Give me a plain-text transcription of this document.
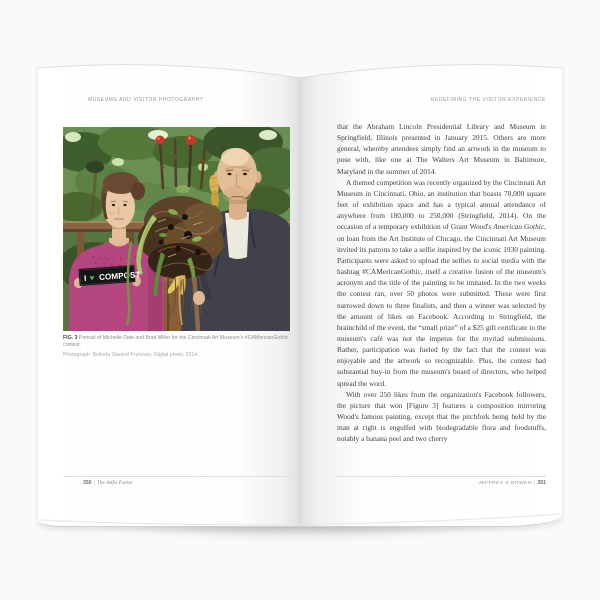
MUSEUMS AND VISITOR PHOTOGRAPHY
I ♥ COMPOST
FIG. 3 Portrait of Michelle Dale and Brad Miller for the Cincinnati Art Museum's #CAMericanGothic contest.
Photograph: Belinda Stanton Frykman. Digital photo, 2014.
350 | The Selfie Factor
REDEFINING THE VISITOR EXPERIENCE

that the Abraham Lincoln Presidential Library and Museum in Springfield, Illinois presented in January 2015. Others are more general, whereby attendees simply find an artwork in the museum to pose with, like one at The Walters Art Museum in Baltimore, Maryland in the summer of 2014.

A themed competition was recently organized by the Cincinnati Art Museum in Cincinnati, Ohio, an institution that boasts 78,000 square feet of exhibition space and has a typical annual attendance of anywhere from 180,000 to 250,000 (Stringfield, 2014). On the occasion of a temporary exhibition of Grant Wood's American Gothic, on loan from the Art Institute of Chicago, the Cincinnati Art Museum invited its patrons to take a selfie inspired by the iconic 1930 painting. Participants were asked to upload the selfies to social media with the hashtag #CAMericanGothic, itself a creative fusion of the museum's acronym and the title of the painting to be imitated. In the two weeks the contest ran, over 50 photos were submitted. These were first narrowed down to three finalists, and then a winner was selected by the amount of likes on Facebook. According to Stringfield, the brainchild of the event, the “small prize” of a $25 gift certificate to the museum's café was not the impetus for the myriad submissions. Rather, participation was fueled by the fact that the contest was enjoyable and the artwork so recognizable. Plus, the contest had substantial buy-in from the museum's board of directors, who helped spread the word.

With over 250 likes from the organization's Facebook followers, the picture that won [Figure 3] features a composition mirroring Wood's famous painting, except that the pitchfork being held by the man at right is engulfed with biodegradable flora and foodstuffs, notably a banana peel and two cherry

JEFFREY S BOWEN | 351
